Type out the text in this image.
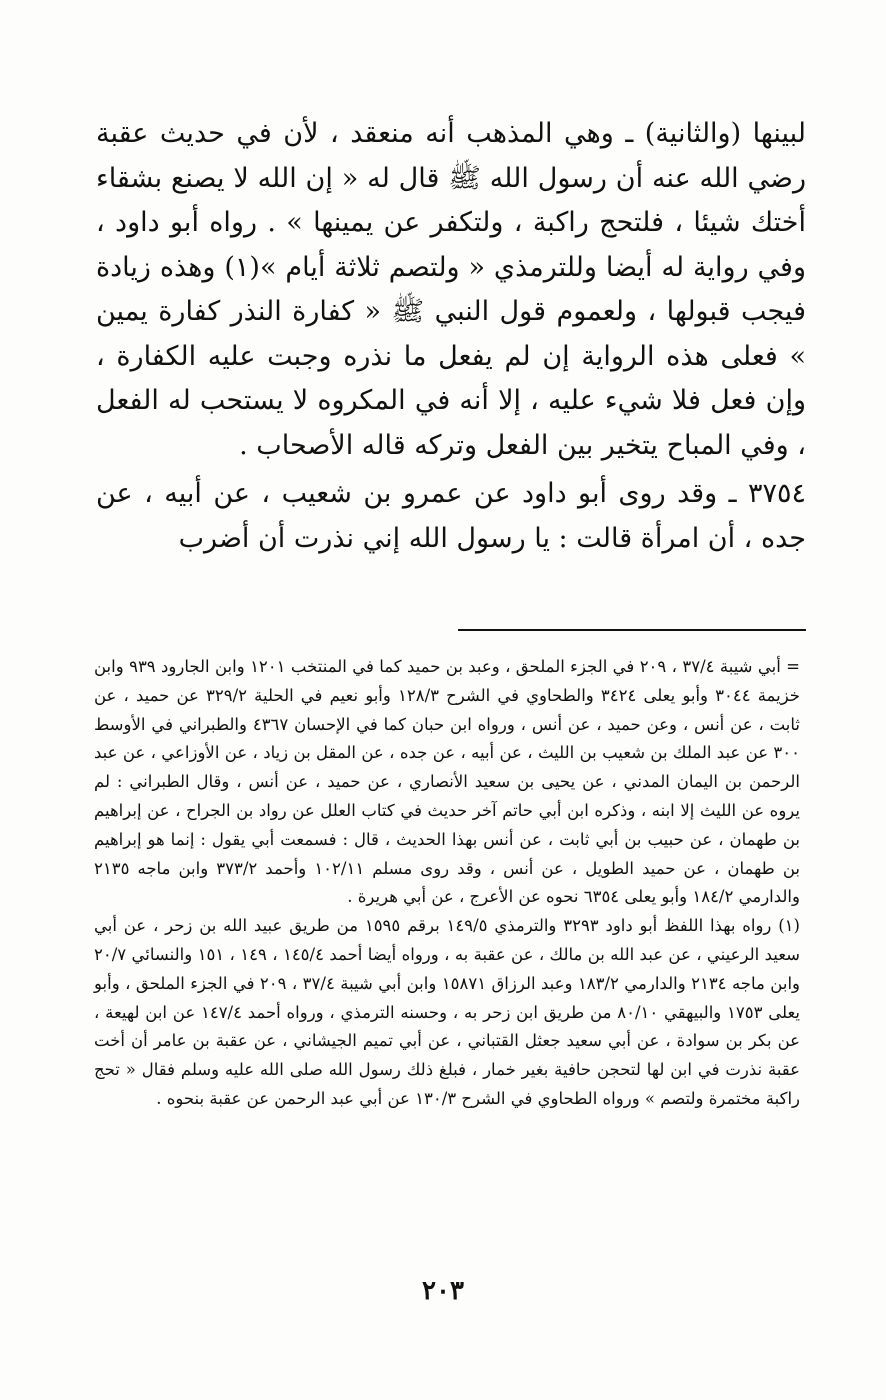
لبينها (والثانية) ـ وهي المذهب أنه منعقد ، لأن في حديث عقبة رضي الله عنه أن رسول الله ﷺ قال له « إن الله لا يصنع بشقاء أختك شيئا ، فلتحج راكبة ، ولتكفر عن يمينها » . رواه أبو داود ، وفي رواية له أيضا وللترمذي « ولتصم ثلاثة أيام »(١) وهذه زيادة فيجب قبولها ، ولعموم قول النبي ﷺ « كفارة النذر كفارة يمين » فعلى هذه الرواية إن لم يفعل ما نذره وجبت عليه الكفارة ، وإن فعل فلا شيء عليه ، إلا أنه في المكروه لا يستحب له الفعل ، وفي المباح يتخير بين الفعل وتركه قاله الأصحاب .

٣٧٥٤ ـ وقد روى أبو داود عن عمرو بن شعيب ، عن أبيه ، عن جده ، أن امرأة قالت : يا رسول الله إني نذرت أن أضرب

= أبي شيبة ٣٧/٤ ، ٢٠٩ في الجزء الملحق ، وعبد بن حميد كما في المنتخب ١٢٠١ وابن الجارود ٩٣٩ وابن خزيمة ٣٠٤٤ وأبو يعلى ٣٤٢٤ والطحاوي في الشرح ١٢٨/٣ وأبو نعيم في الحلية ٣٢٩/٢ عن حميد ، عن ثابت ، عن أنس ، وعن حميد ، عن أنس ، ورواه ابن حبان كما في الإحسان ٤٣٦٧ والطبراني في الأوسط ٣٠٠ عن عبد الملك بن شعيب بن الليث ، عن أبيه ، عن جده ، عن المقل بن زياد ، عن الأوزاعي ، عن عبد الرحمن بن اليمان المدني ، عن يحيى بن سعيد الأنصاري ، عن حميد ، عن أنس ، وقال الطبراني : لم يروه عن الليث إلا ابنه ، وذكره ابن أبي حاتم آخر حديث في كتاب العلل عن رواد بن الجراح ، عن إبراهيم بن طهمان ، عن حبيب بن أبي ثابت ، عن أنس بهذا الحديث ، قال : فسمعت أبي يقول : إنما هو إبراهيم بن طهمان ، عن حميد الطويل ، عن أنس ، وقد روى مسلم ١٠٢/١١ وأحمد ٣٧٣/٢ وابن ماجه ٢١٣٥ والدارمي ١٨٤/٢ وأبو يعلى ٦٣٥٤ نحوه عن الأعرج ، عن أبي هريرة .

(١) رواه بهذا اللفظ أبو داود ٣٢٩٣ والترمذي ١٤٩/٥ برقم ١٥٩٥ من طريق عبيد الله بن زحر ، عن أبي سعيد الرعيني ، عن عبد الله بن مالك ، عن عقبة به ، ورواه أيضا أحمد ١٤٥/٤ ، ١٤٩ ، ١٥١ والنسائي ٢٠/٧ وابن ماجه ٢١٣٤ والدارمي ١٨٣/٢ وعبد الرزاق ١٥٨٧١ وابن أبي شيبة ٣٧/٤ ، ٢٠٩ في الجزء الملحق ، وأبو يعلى ١٧٥٣ والبيهقي ٨٠/١٠ من طريق ابن زحر به ، وحسنه الترمذي ، ورواه أحمد ١٤٧/٤ عن ابن لهيعة ، عن بكر بن سوادة ، عن أبي سعيد جعثل القتباني ، عن أبي تميم الجيشاني ، عن عقبة بن عامر أن أخت عقبة نذرت في ابن لها لتحجن حافية بغير خمار ، فبلغ ذلك رسول الله صلى الله عليه وسلم فقال « تحج راكبة مختمرة ولتصم » ورواه الطحاوي في الشرح ١٣٠/٣ عن أبي عبد الرحمن عن عقبة بنحوه .

٢٠٣
